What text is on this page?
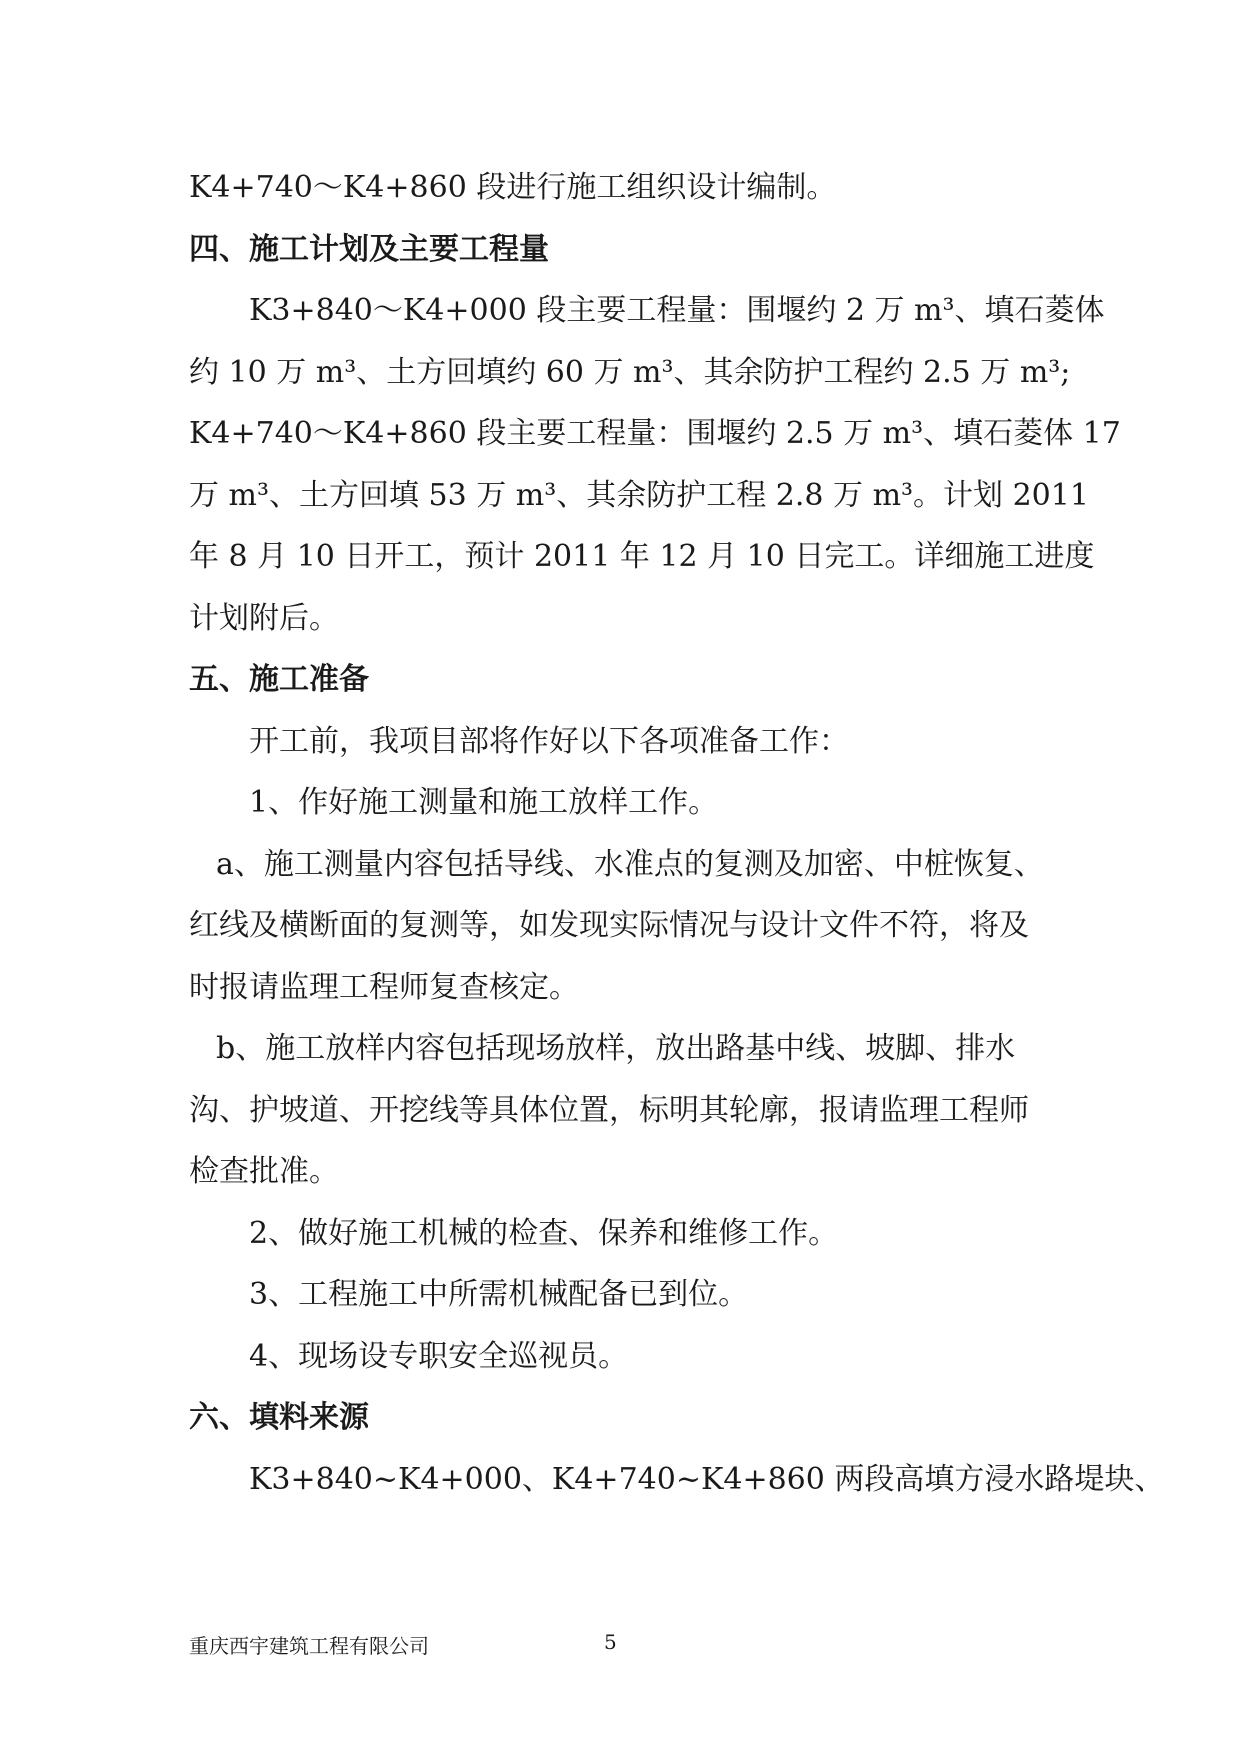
K4+740～K4+860 段进行施工组织设计编制。
四、施工计划及主要工程量
K3+840～K4+000 段主要工程量：围堰约 2 万 m³、填石菱体
约 10 万 m³、土方回填约 60 万 m³、其余防护工程约 2.5 万 m³;
K4+740～K4+860 段主要工程量：围堰约 2.5 万 m³、填石菱体 17
万 m³、土方回填 53 万 m³、其余防护工程 2.8 万 m³。计划 2011
年 8 月 10 日开工，预计 2011 年 12 月 10 日完工。详细施工进度
计划附后。
五、施工准备
开工前，我项目部将作好以下各项准备工作：
1、作好施工测量和施工放样工作。
a、施工测量内容包括导线、水准点的复测及加密、中桩恢复、
红线及横断面的复测等，如发现实际情况与设计文件不符，将及
时报请监理工程师复查核定。
b、施工放样内容包括现场放样，放出路基中线、坡脚、排水
沟、护坡道、开挖线等具体位置，标明其轮廓，报请监理工程师
检查批准。
2、做好施工机械的检查、保养和维修工作。
3、工程施工中所需机械配备已到位。
4、现场设专职安全巡视员。
六、填料来源
K3+840~K4+000、K4+740~K4+860 两段高填方浸水路堤块、
重庆西宇建筑工程有限公司	5
